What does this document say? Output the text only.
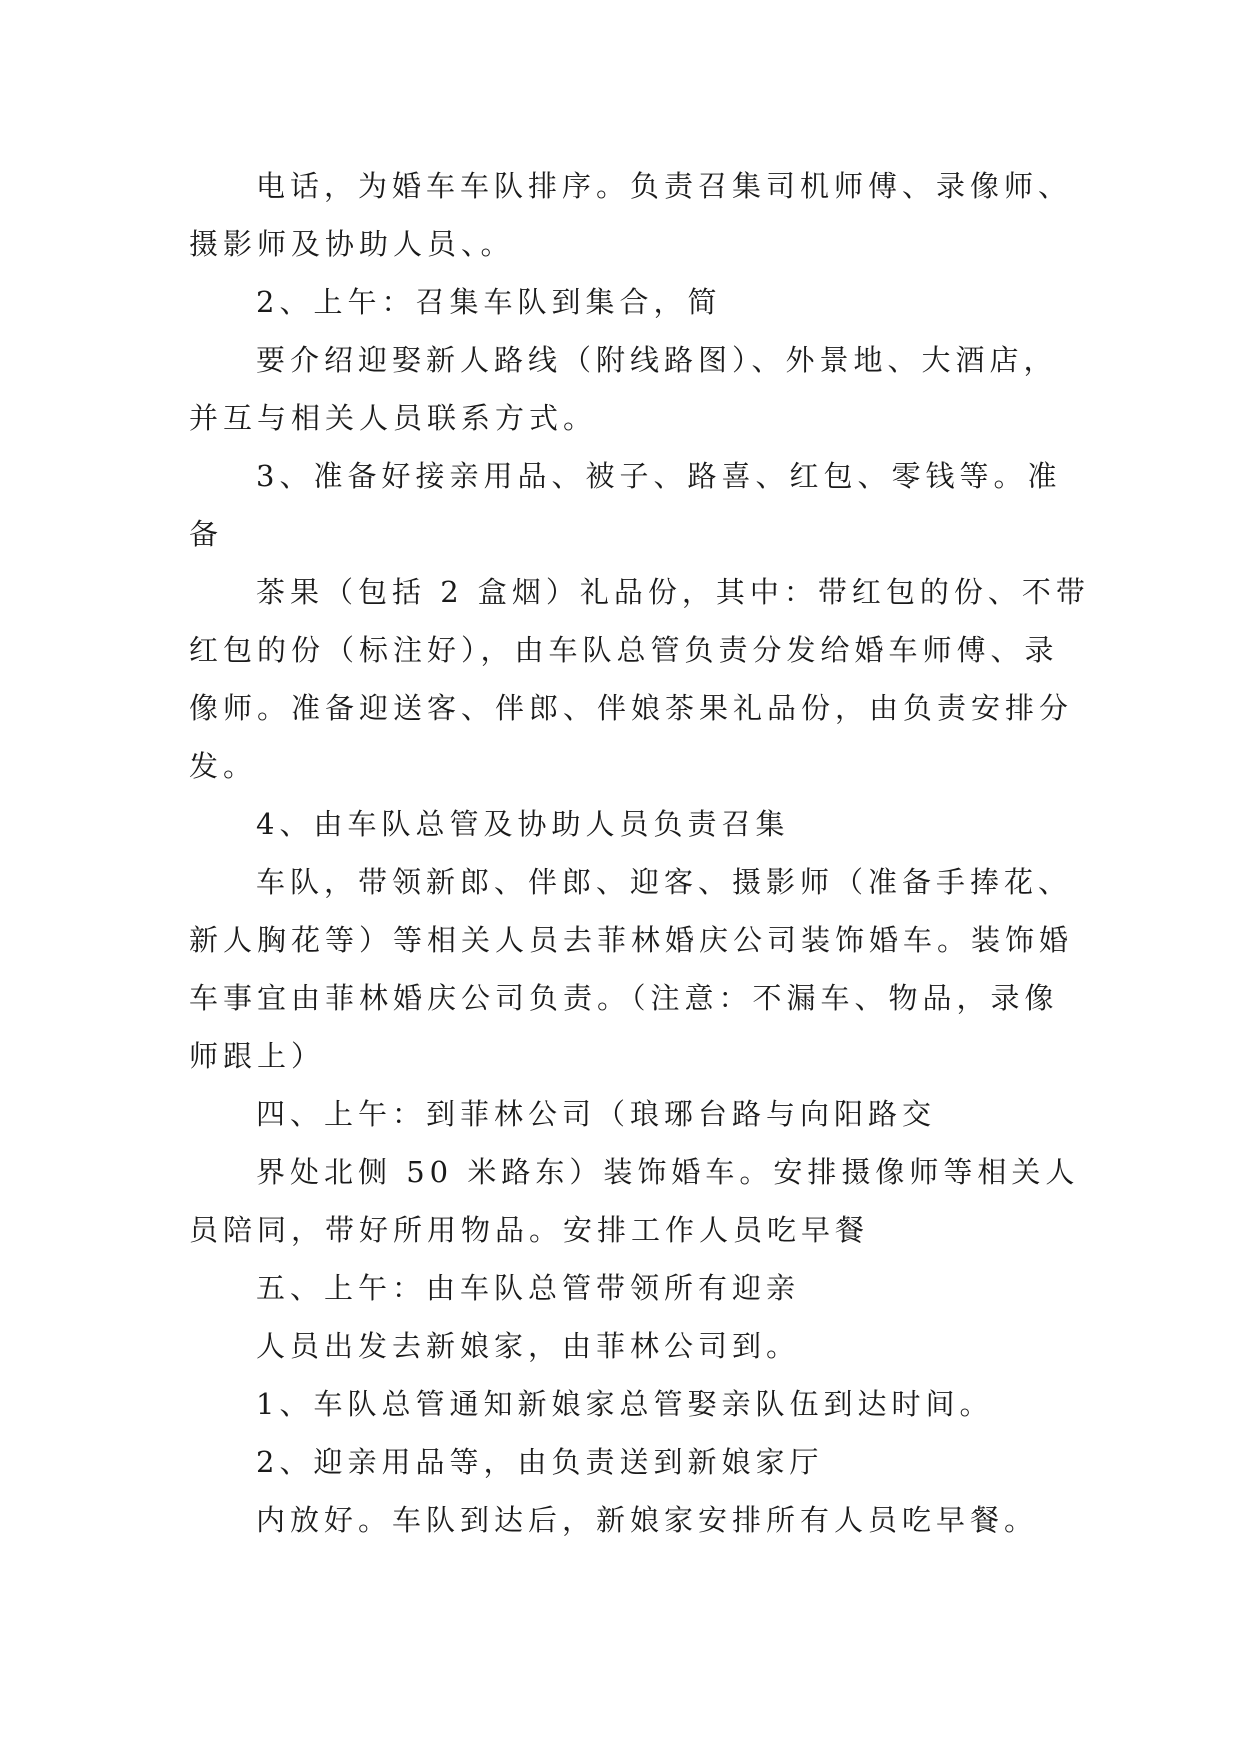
电话，为婚车车队排序。负责召集司机师傅、录像师、
摄影师及协助人员、。
2、上午：召集车队到集合，简
要介绍迎娶新人路线（附线路图）、外景地、大酒店，
并互与相关人员联系方式。
3、准备好接亲用品、被子、路喜、红包、零钱等。准
备
茶果（包括 2 盒烟）礼品份，其中：带红包的份、不带
红包的份（标注好），由车队总管负责分发给婚车师傅、录
像师。准备迎送客、伴郎、伴娘茶果礼品份，由负责安排分
发。
4、由车队总管及协助人员负责召集
车队，带领新郎、伴郎、迎客、摄影师（准备手捧花、
新人胸花等）等相关人员去菲林婚庆公司装饰婚车。装饰婚
车事宜由菲林婚庆公司负责。（注意：不漏车、物品，录像
师跟上）
四、上午：到菲林公司（琅琊台路与向阳路交
界处北侧 50 米路东）装饰婚车。安排摄像师等相关人
员陪同，带好所用物品。安排工作人员吃早餐
五、上午：由车队总管带领所有迎亲
人员出发去新娘家，由菲林公司到。
1、车队总管通知新娘家总管娶亲队伍到达时间。
2、迎亲用品等，由负责送到新娘家厅
内放好。车队到达后，新娘家安排所有人员吃早餐。
